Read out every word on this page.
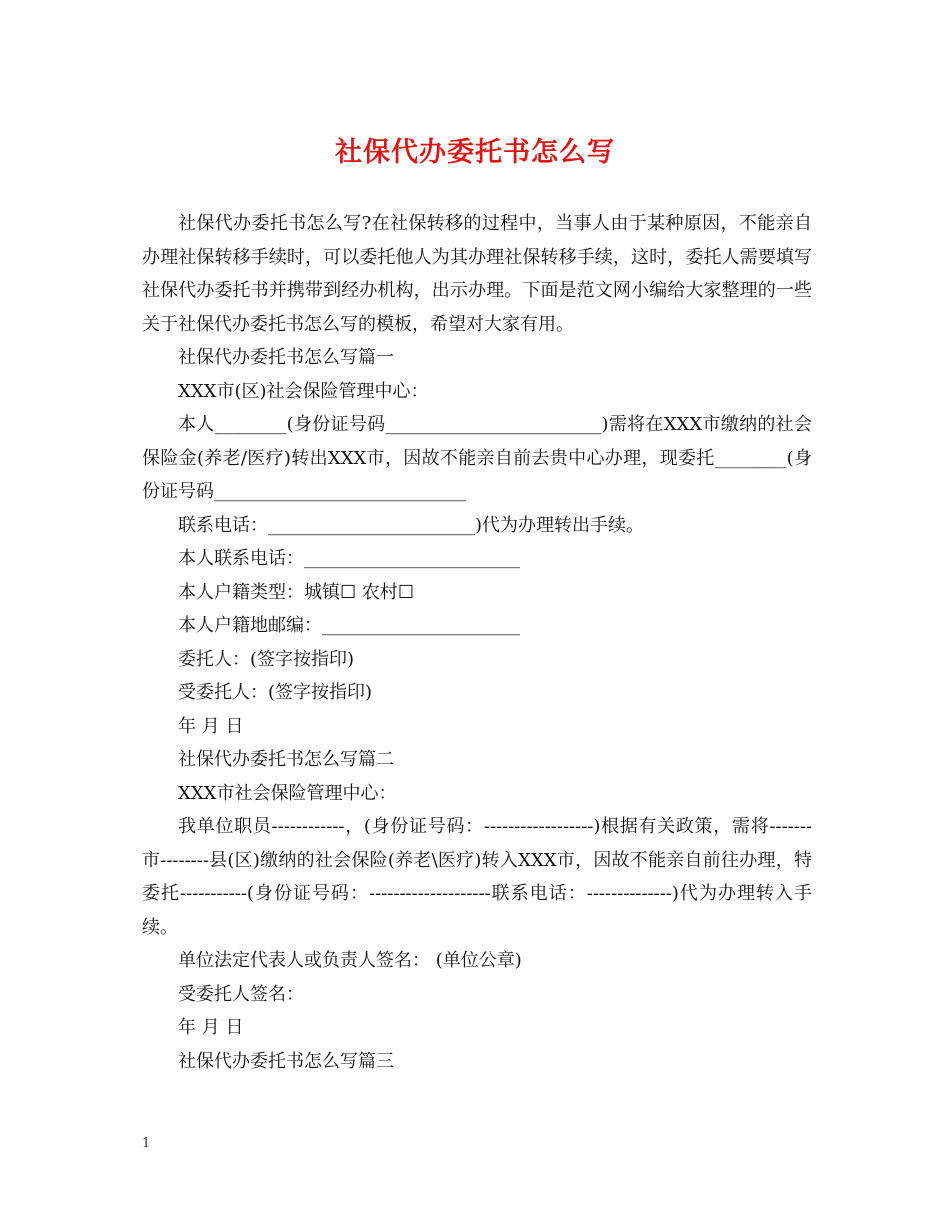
社保代办委托书怎么写

社保代办委托书怎么写?在社保转移的过程中，当事人由于某种原因，不能亲自办理社保转移手续时，可以委托他人为其办理社保转移手续，这时，委托人需要填写社保代办委托书并携带到经办机构，出示办理。下面是范文网小编给大家整理的一些关于社保代办委托书怎么写的模板，希望对大家有用。

社保代办委托书怎么写篇一

XXX市(区)社会保险管理中心：

本人________(身份证号码________________________)需将在XXX市缴纳的社会保险金(养老/医疗)转出XXX市，因故不能亲自前去贵中心办理，现委托________(身份证号码____________________________

联系电话：_______________________)代为办理转出手续。

本人联系电话：________________________

本人户籍类型：城镇☐ 农村☐

本人户籍地邮编：______________________

委托人：(签字按指印)

受委托人：(签字按指印)

年 月 日

社保代办委托书怎么写篇二

XXX市社会保险管理中心：

我单位职员------------，(身份证号码：------------------)根据有关政策，需将-------市--------县(区)缴纳的社会保险(养老\医疗)转入XXX市，因故不能亲自前往办理，特委托-----------(身份证号码：--------------------联系电话：--------------)代为办理转入手续。

单位法定代表人或负责人签名： (单位公章)

受委托人签名：

年 月 日

社保代办委托书怎么写篇三

1
